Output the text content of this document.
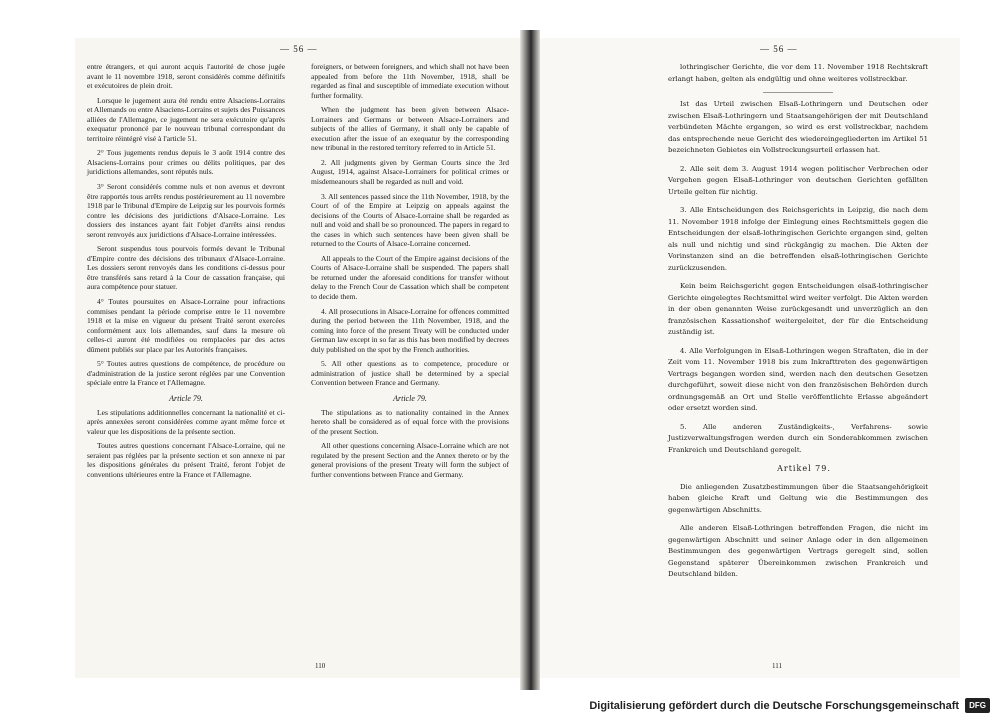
— 56 —

entre étrangers, et qui auront acquis l'autorité de chose jugée avant le 11 novembre 1918, seront considérés comme définitifs et exécutoires de plein droit.

Lorsque le jugement aura été rendu entre Alsaciens-Lorrains et Allemands ou entre Alsaciens-Lorrains et sujets des Puissances alliées de l'Allemagne, ce jugement ne sera exécutoire qu'après exequatur prononcé par le nouveau tribunal correspondant du territoire réintégré visé à l'article 51.

2° Tous jugements rendus depuis le 3 août 1914 contre des Alsaciens-Lorrains pour crimes ou délits politiques, par des juridictions allemandes, sont réputés nuls.

3° Seront considérés comme nuls et non avenus et devront être rapportés tous arrêts rendus postérieurement au 11 novembre 1918 par le Tribunal d'Empire de Leipzig sur les pourvois formés contre les décisions des juridictions d'Alsace-Lorraine. Les dossiers des instances ayant fait l'objet d'arrêts ainsi rendus seront renvoyés aux juridictions d'Alsace-Lorraine intéressées.

Seront suspendus tous pourvois formés devant le Tribunal d'Empire contre des décisions des tribunaux d'Alsace-Lorraine. Les dossiers seront renvoyés dans les conditions ci-dessus pour être transférés sans retard à la Cour de cassation française, qui aura compétence pour statuer.

4° Toutes poursuites en Alsace-Lorraine pour infractions commises pendant la période comprise entre le 11 novembre 1918 et la mise en vigueur du présent Traité seront exercées conformément aux lois allemandes, sauf dans la mesure où celles-ci auront été modifiées ou remplacées par des actes dûment publiés sur place par les Autorités françaises.

5° Toutes autres questions de compétence, de procédure ou d'administration de la justice seront réglées par une Convention spéciale entre la France et l'Allemagne.

Article 79.

Les stipulations additionnelles concernant la nationalité et ci-après annexées seront considérées comme ayant même force et valeur que les dispositions de la présente section.

Toutes autres questions concernant l'Alsace-Lorraine, qui ne seraient pas réglées par la présente section et son annexe ni par les dispositions générales du présent Traité, feront l'objet de conventions ultérieures entre la France et l'Allemagne.

foreigners, or between foreigners, and which shall not have been appealed from before the 11th November, 1918, shall be regarded as final and susceptible of immediate execution without further formality.

When the judgment has been given between Alsace-Lorrainers and Germans or between Alsace-Lorrainers and subjects of the allies of Germany, it shall only be capable of execution after the issue of an exequatur by the corresponding new tribunal in the restored territory referred to in Article 51.

2. All judgments given by German Courts since the 3rd August, 1914, against Alsace-Lorrainers for political crimes or misdemeanours shall be regarded as null and void.

3. All sentences passed since the 11th November, 1918, by the Court of of the Empire at Leipzig on appeals against the decisions of the Courts of Alsace-Lorraine shall be regarded as null and void and shall be so pronounced. The papers in regard to the cases in which such sentences have been given shall be returned to the Courts of Alsace-Lorraine concerned.

All appeals to the Court of the Empire against decisions of the Courts of Alsace-Lorraine shall be suspended. The papers shall be returned under the aforesaid conditions for transfer without delay to the French Cour de Cassation which shall be competent to decide them.

4. All prosecutions in Alsace-Lorraine for offences committed during the period between the 11th November, 1918, and the coming into force of the present Treaty will be conducted under German law except in so far as this has been modified by decrees duly published on the spot by the French authorities.

5. All other questions as to competence, procedure or administration of justice shall be determined by a special Convention between France and Germany.

Article 79.

The stipulations as to nationality contained in the Annex hereto shall be considered as of equal force with the provisions of the present Section.

All other questions concerning Alsace-Lorraine which are not regulated by the present Section and the Annex thereto or by the general provisions of the present Treaty will form the subject of further conventions between France and Germany.

110
— 56 —

lothringischer Gerichte, die vor dem 11. November 1918 Rechtskraft erlangt haben, gelten als endgültig und ohne weiteres vollstreckbar.

Ist das Urteil zwischen Elsaß-Lothringern und Deutschen oder zwischen Elsaß-Lothringern und Staatsangehörigen der mit Deutschland verbündeten Mächte ergangen, so wird es erst vollstreckbar, nachdem das entsprechende neue Gericht des wiedereingegliederten im Artikel 51 bezeichneten Gebietes ein Vollstreckungsurteil erlassen hat.

2. Alle seit dem 3. August 1914 wegen politischer Verbrechen oder Vergehen gegen Elsaß-Lothringer von deutschen Gerichten gefällten Urteile gelten für nichtig.

3. Alle Entscheidungen des Reichsgerichts in Leipzig, die nach dem 11. November 1918 infolge der Einlegung eines Rechtsmittels gegen die Entscheidungen der elsaß-lothringischen Gerichte ergangen sind, gelten als null und nichtig und sind rückgängig zu machen. Die Akten der Vorinstanzen sind an die betreffenden elsaß-lothringischen Gerichte zurückzusenden.

Kein beim Reichsgericht gegen Entscheidungen elsaß-lothringischer Gerichte eingelegtes Rechtsmittel wird weiter verfolgt. Die Akten werden in der oben genannten Weise zurückgesandt und unverzüglich an den französischen Kassationshof weitergeleitet, der für die Entscheidung zuständig ist.

4. Alle Verfolgungen in Elsaß-Lothringen wegen Straftaten, die in der Zeit vom 11. November 1918 bis zum Inkrafttreten des gegenwärtigen Vertrags begangen worden sind, werden nach den deutschen Gesetzen durchgeführt, soweit diese nicht von den französischen Behörden durch ordnungsgemäß an Ort und Stelle veröffentlichte Erlasse abgeändert oder ersetzt worden sind.

5. Alle anderen Zuständigkeits-, Verfahrens- sowie Justizverwaltungsfragen werden durch ein Sonderabkommen zwischen Frankreich und Deutschland geregelt.

Artikel 79.

Die anliegenden Zusatzbestimmungen über die Staatsangehörigkeit haben gleiche Kraft und Geltung wie die Bestimmungen des gegenwärtigen Abschnitts.

Alle anderen Elsaß-Lothringen betreffenden Fragen, die nicht im gegenwärtigen Abschnitt und seiner Anlage oder in den allgemeinen Bestimmungen des gegenwärtigen Vertrags geregelt sind, sollen Gegenstand späterer Übereinkommen zwischen Frankreich und Deutschland bilden.

111
Digitalisierung gefördert durch die Deutsche Forschungsgemeinschaft	DFG
